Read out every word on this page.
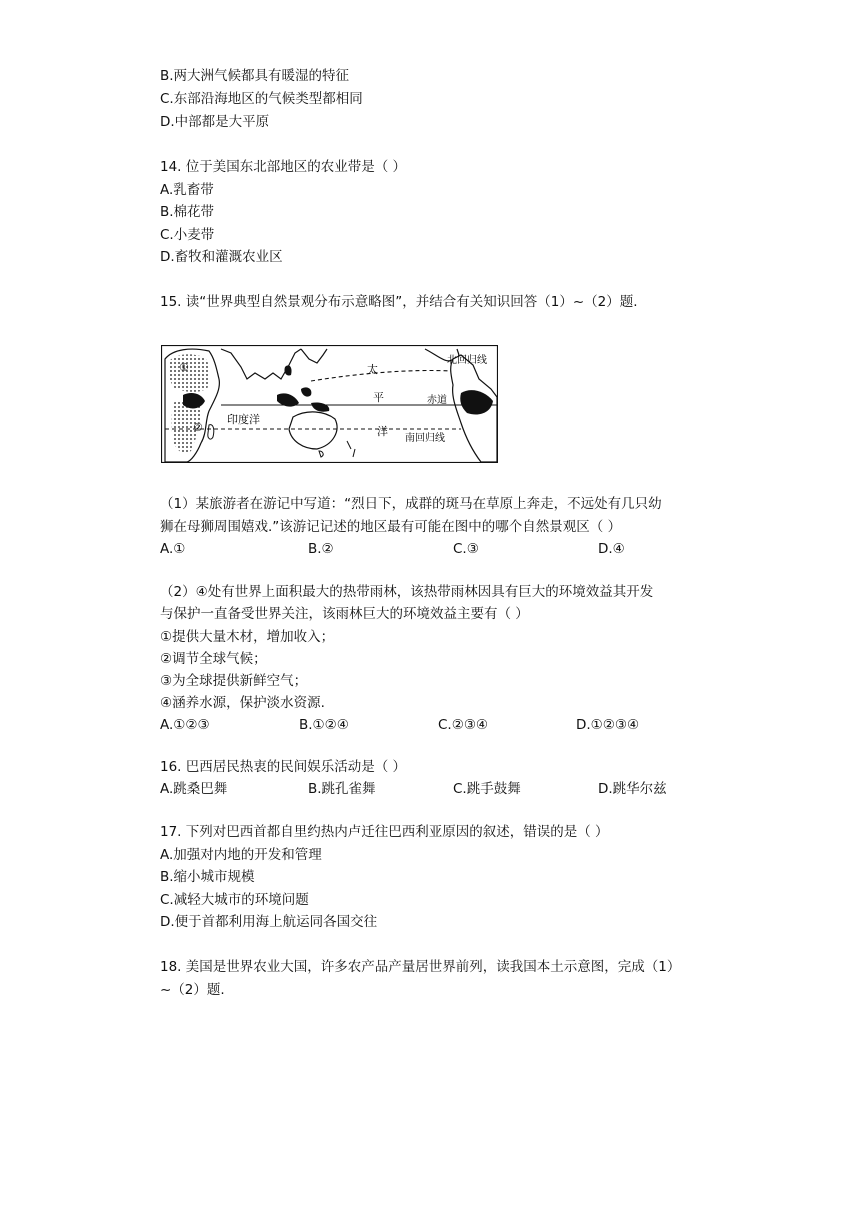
B.两大洲气候都具有暖湿的特征
C.东部沿海地区的气候类型都相同
D.中部都是大平原
14. 位于美国东北部地区的农业带是（ ）
A.乳畜带
B.棉花带
C.小麦带
D.畜牧和灌溉农业区
15. 读“世界典型自然景观分布示意略图”，并结合有关知识回答（1）~（2）题.
①
②
印度洋
太
平
洋
北回归线
赤道
南回归线
（1）某旅游者在游记中写道：“烈日下，成群的斑马在草原上奔走，不远处有几只幼
狮在母狮周围嬉戏.”该游记记述的地区最有可能在图中的哪个自然景观区（ ）
A.①	B.②	C.③	D.④
（2）④处有世界上面积最大的热带雨林，该热带雨林因具有巨大的环境效益其开发
与保护一直备受世界关注，该雨林巨大的环境效益主要有（ ）
①提供大量木材，增加收入；
②调节全球气候；
③为全球提供新鲜空气；
④涵养水源，保护淡水资源.
A.①②③	B.①②④	C.②③④	D.①②③④
16. 巴西居民热衷的民间娱乐活动是（ ）
A.跳桑巴舞	B.跳孔雀舞	C.跳手鼓舞	D.跳华尔兹
17. 下列对巴西首都自里约热内卢迁往巴西利亚原因的叙述，错误的是（ ）
A.加强对内地的开发和管理
B.缩小城市规模
C.减轻大城市的环境问题
D.便于首都利用海上航运同各国交往
18. 美国是世界农业大国，许多农产品产量居世界前列，读我国本土示意图，完成（1）
~（2）题.
